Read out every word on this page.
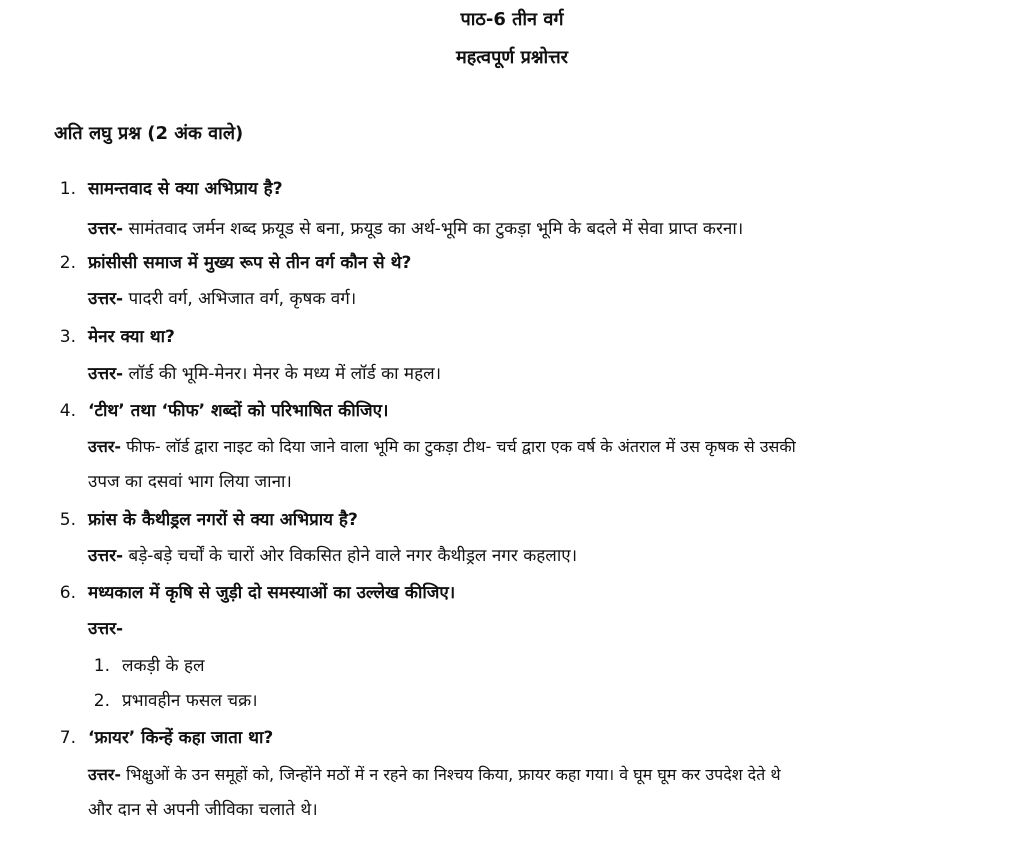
पाठ-6 तीन वर्ग
महत्वपूर्ण प्रश्नोत्तर
अति लघु प्रश्न (2 अंक वाले)
1. सामन्तवाद से क्या अभिप्राय है?
उत्तर- सामंतवाद जर्मन शब्द फ्रयूड से बना, फ्रयूड का अर्थ-भूमि का टुकड़ा भूमि के बदले में सेवा प्राप्त करना।
2. फ्रांसीसी समाज में मुख्य रूप से तीन वर्ग कौन से थे?
उत्तर- पादरी वर्ग, अभिजात वर्ग, कृषक वर्ग।
3. मेनर क्या था?
उत्तर- लॉर्ड की भूमि-मेनर। मेनर के मध्य में लॉर्ड का महल।
4. ‘टीथ’ तथा ‘फीफ’ शब्दों को परिभाषित कीजिए।
उत्तर- फीफ- लॉर्ड द्वारा नाइट को दिया जाने वाला भूमि का टुकड़ा टीथ- चर्च द्वारा एक वर्ष के अंतराल में उस कृषक से उसकी
उपज का दसवां भाग लिया जाना।
5. फ्रांस के कैथीड्रल नगरों से क्या अभिप्राय है?
उत्तर- बड़े-बड़े चर्चों के चारों ओर विकसित होने वाले नगर कैथीड्रल नगर कहलाए।
6. मध्यकाल में कृषि से जुड़ी दो समस्याओं का उल्लेख कीजिए।
उत्तर-
1. लकड़ी के हल
2. प्रभावहीन फसल चक्र।
7. ‘फ्रायर’ किन्हें कहा जाता था?
उत्तर- भिक्षुओं के उन समूहों को, जिन्होंने मठों में न रहने का निश्चय किया, फ्रायर कहा गया। वे घूम घूम कर उपदेश देते थे
और दान से अपनी जीविका चलाते थे।
